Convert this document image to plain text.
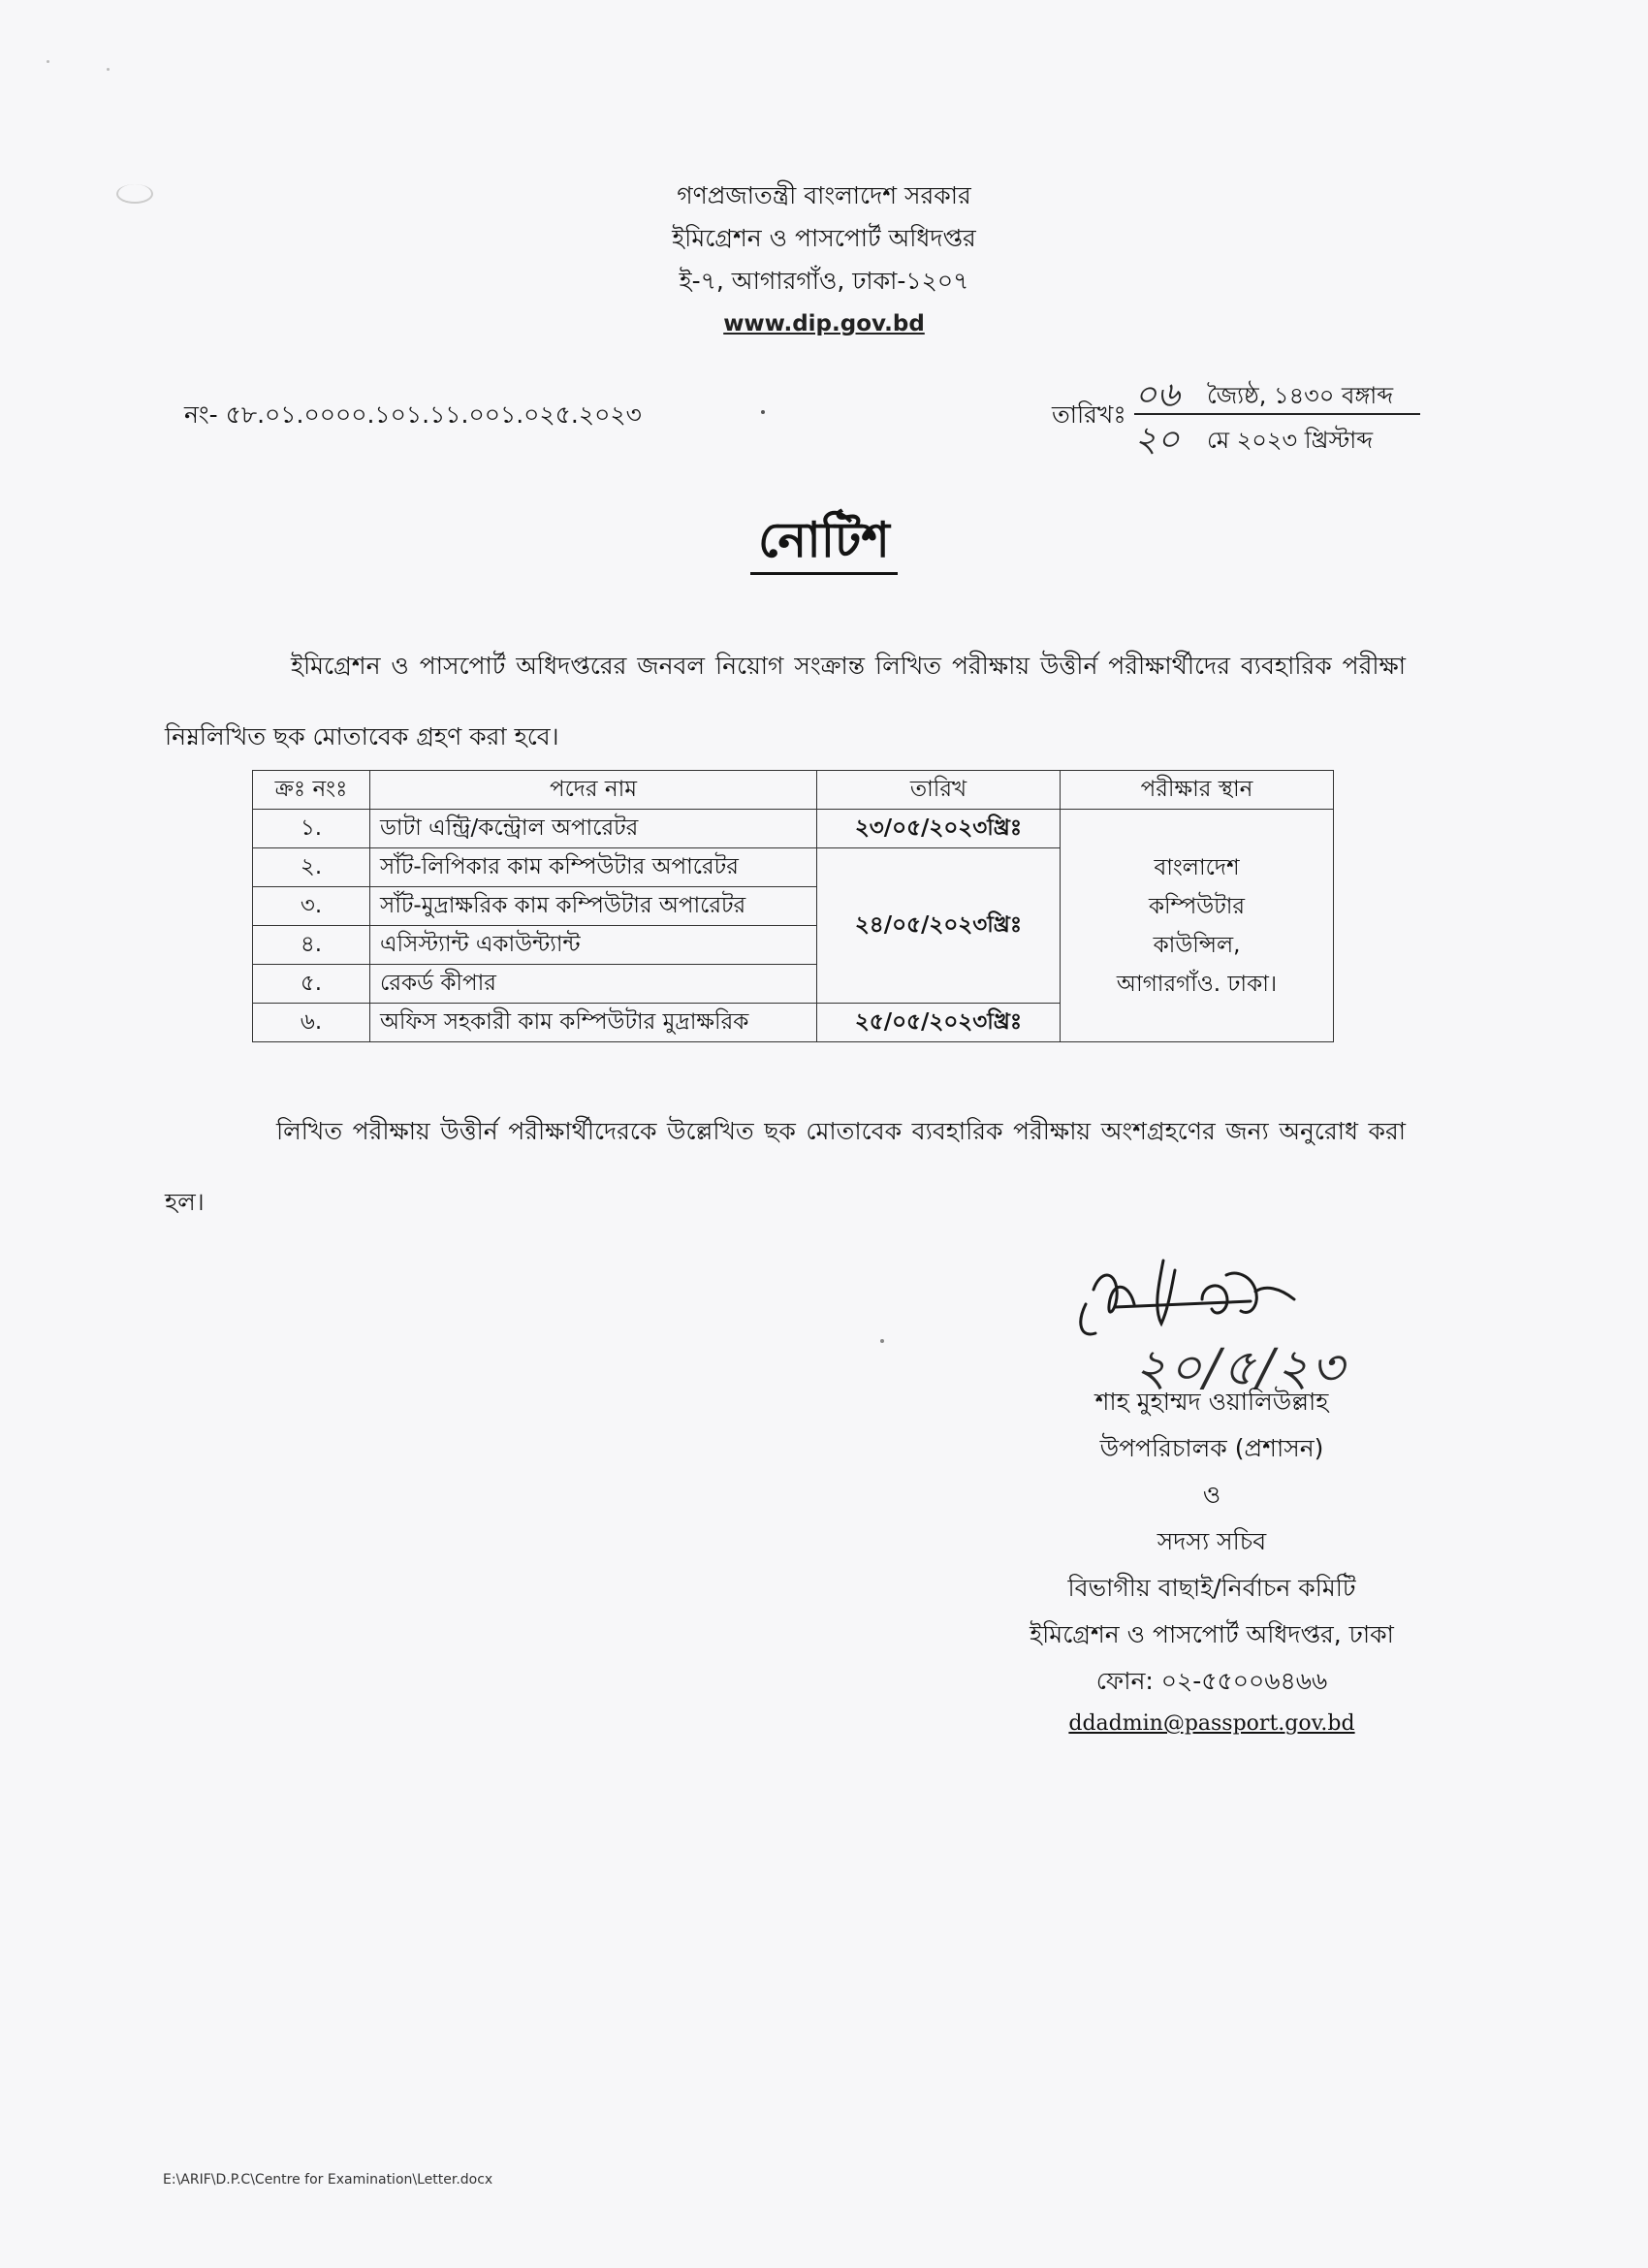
গণপ্রজাতন্ত্রী বাংলাদেশ সরকার
ইমিগ্রেশন ও পাসপোর্ট অধিদপ্তর
ই-৭, আগারগাঁও, ঢাকা-১২০৭
www.dip.gov.bd
নং- ৫৮.০১.০০০০.১০১.১১.০০১.০২৫.২০২৩	তারিখঃ ০৬ জ্যৈষ্ঠ, ১৪৩০ বঙ্গাব্দ
২০ মে ২০২৩ খ্রিস্টাব্দ
নোটিশ
ইমিগ্রেশন ও পাসপোর্ট অধিদপ্তরের জনবল নিয়োগ সংক্রান্ত লিখিত পরীক্ষায় উত্তীর্ন পরীক্ষার্থীদের ব্যবহারিক পরীক্ষা নিম্নলিখিত ছক মোতাবেক গ্রহণ করা হবে।
ক্রঃ নংঃ	পদের নাম	তারিখ	পরীক্ষার স্থান
১.	ডাটা এন্ট্রি/কন্ট্রোল অপারেটর	২৩/০৫/২০২৩খ্রিঃ	বাংলাদেশ কম্পিউটার কাউন্সিল, আগারগাঁও. ঢাকা।
২.	সাঁট-লিপিকার কাম কম্পিউটার অপারেটর	২৪/০৫/২০২৩খ্রিঃ	
৩.	সাঁট-মুদ্রাক্ষরিক কাম কম্পিউটার অপারেটর		
৪.	এসিস্ট্যান্ট একাউন্ট্যান্ট		
৫.	রেকর্ড কীপার		
৬.	অফিস সহকারী কাম কম্পিউটার মুদ্রাক্ষরিক	২৫/০৫/২০২৩খ্রিঃ	
লিখিত পরীক্ষায় উত্তীর্ন পরীক্ষার্থীদেরকে উল্লেখিত ছক মোতাবেক ব্যবহারিক পরীক্ষায় অংশগ্রহণের জন্য অনুরোধ করা হল।
২০/৫/২৩
শাহ মুহাম্মদ ওয়ালিউল্লাহ
উপপরিচালক (প্রশাসন)
ও
সদস্য সচিব
বিভাগীয় বাছাই/নির্বাচন কমিটি
ইমিগ্রেশন ও পাসপোর্ট অধিদপ্তর, ঢাকা
ফোন: ০২-৫৫০০৬৪৬৬
ddadmin@passport.gov.bd
E:\ARIF\D.P.C\Centre for Examination\Letter.docx
